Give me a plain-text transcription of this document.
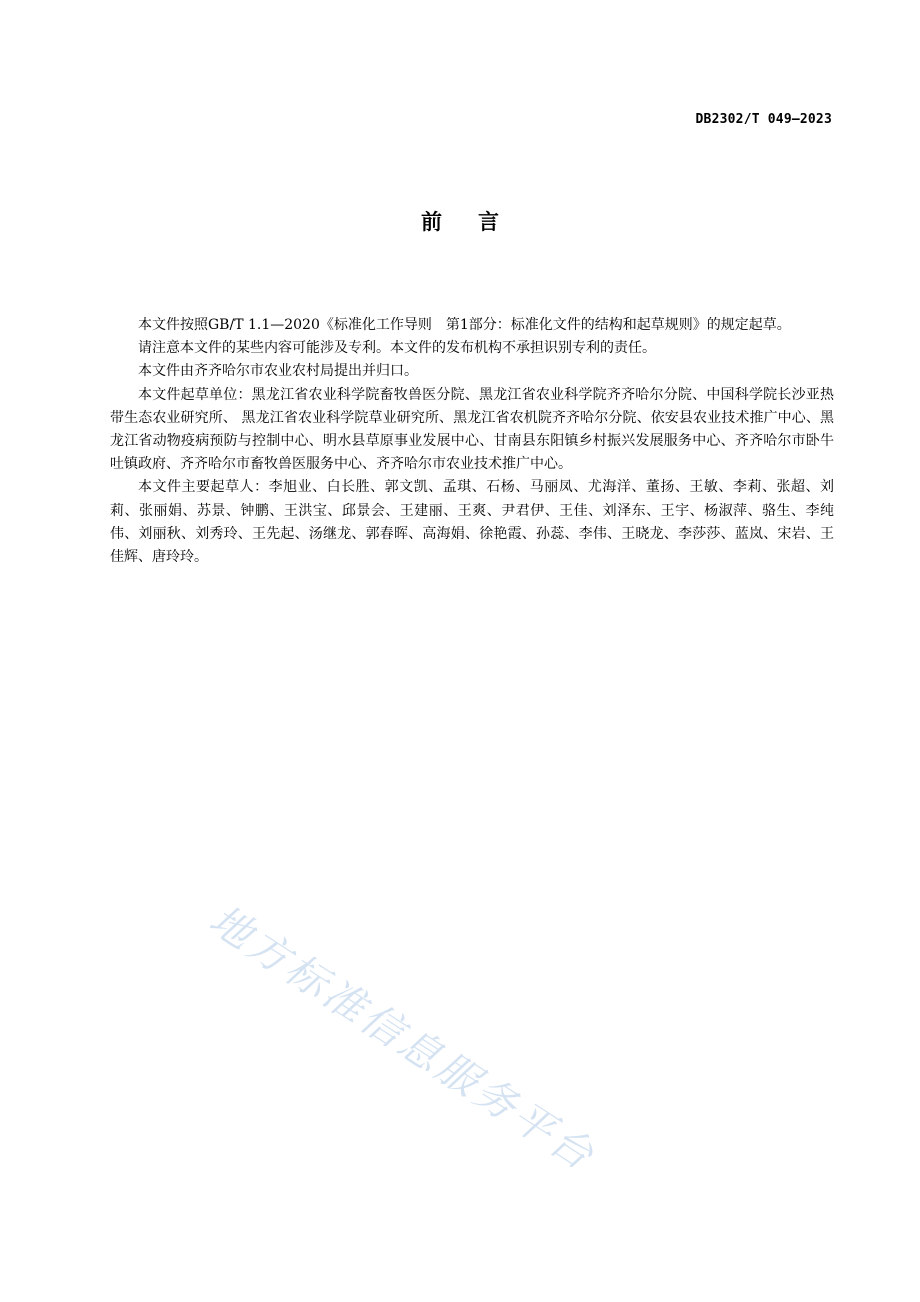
DB2302/T 049—2023
前言

本文件按照GB/T 1.1—2020《标准化工作导则　第1部分：标准化文件的结构和起草规则》的规定起草。

请注意本文件的某些内容可能涉及专利。本文件的发布机构不承担识别专利的责任。

本文件由齐齐哈尔市农业农村局提出并归口。

本文件起草单位：黑龙江省农业科学院畜牧兽医分院、黑龙江省农业科学院齐齐哈尔分院、中国科学院长沙亚热带生态农业研究所、 黑龙江省农业科学院草业研究所、黑龙江省农机院齐齐哈尔分院、依安县农业技术推广中心、黑龙江省动物疫病预防与控制中心、明水县草原事业发展中心、甘南县东阳镇乡村振兴发展服务中心、齐齐哈尔市卧牛吐镇政府、齐齐哈尔市畜牧兽医服务中心、齐齐哈尔市农业技术推广中心。

本文件主要起草人：李旭业、白长胜、郭文凯、孟琪、石杨、马丽凤、尤海洋、董扬、王敏、李莉、张超、刘莉、张丽娟、苏景、钟鹏、王洪宝、邱景会、王建丽、王爽、尹君伊、王佳、刘泽东、王宇、杨淑萍、骆生、李纯伟、刘丽秋、刘秀玲、王先起、汤继龙、郭春晖、高海娟、徐艳霞、孙蕊、李伟、王晓龙、李莎莎、蓝岚、宋岩、王佳辉、唐玲玲。

地方标准信息服务平台
